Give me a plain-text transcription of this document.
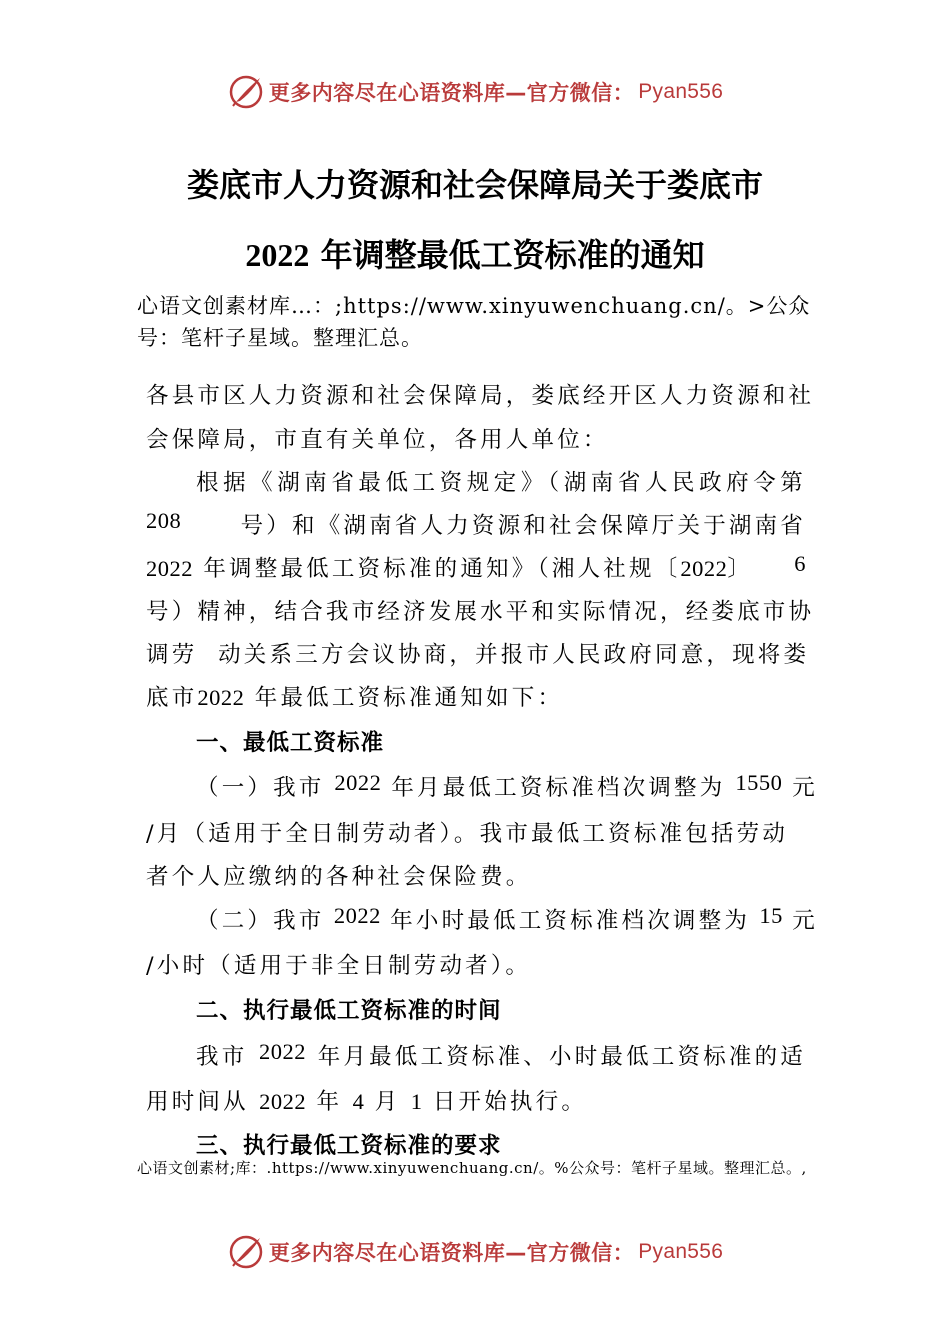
更多内容尽在心语资料库—官方微信： Pyan556
娄底市人力资源和社会保障局关于娄底市
2022 年调整最低工资标准的通知
心语文创素材库…：;https://www.xinyuwenchuang.cn/。>公众号：笔杆子星域。整理汇总。
各县市区人力资源和社会保障局，娄底经开区人力资源和社
会保障局，市直有关单位，各用人单位：
根据《湖南省最低工资规定》（湖南省人民政府令第
208	号）和《湖南省人力资源和社会保障厅关于湖南省
2022 年调整最低工资标准的通知》（湘人社规〔2022〕 6
号）精神，结合我市经济发展水平和实际情况，经娄底市协
调劳  动关系三方会议协商，并报市人民政府同意，现将娄
底市2022 年最低工资标准通知如下：
一、最低工资标准
（一）我市 2022 年月最低工资标准档次调整为 1550 元
/月（适用于全日制劳动者）。我市最低工资标准包括劳动
者个人应缴纳的各种社会保险费。
（二）我市 2022 年小时最低工资标准档次调整为 15 元
/小时（适用于非全日制劳动者）。
二、执行最低工资标准的时间
我市 2022 年月最低工资标准、小时最低工资标准的适
用时间从 2022 年 4 月 1 日开始执行。
三、执行最低工资标准的要求
心语文创素材;库：.https://www.xinyuwenchuang.cn/。%公众号：笔杆子星域。整理汇总。,
更多内容尽在心语资料库—官方微信： Pyan556
